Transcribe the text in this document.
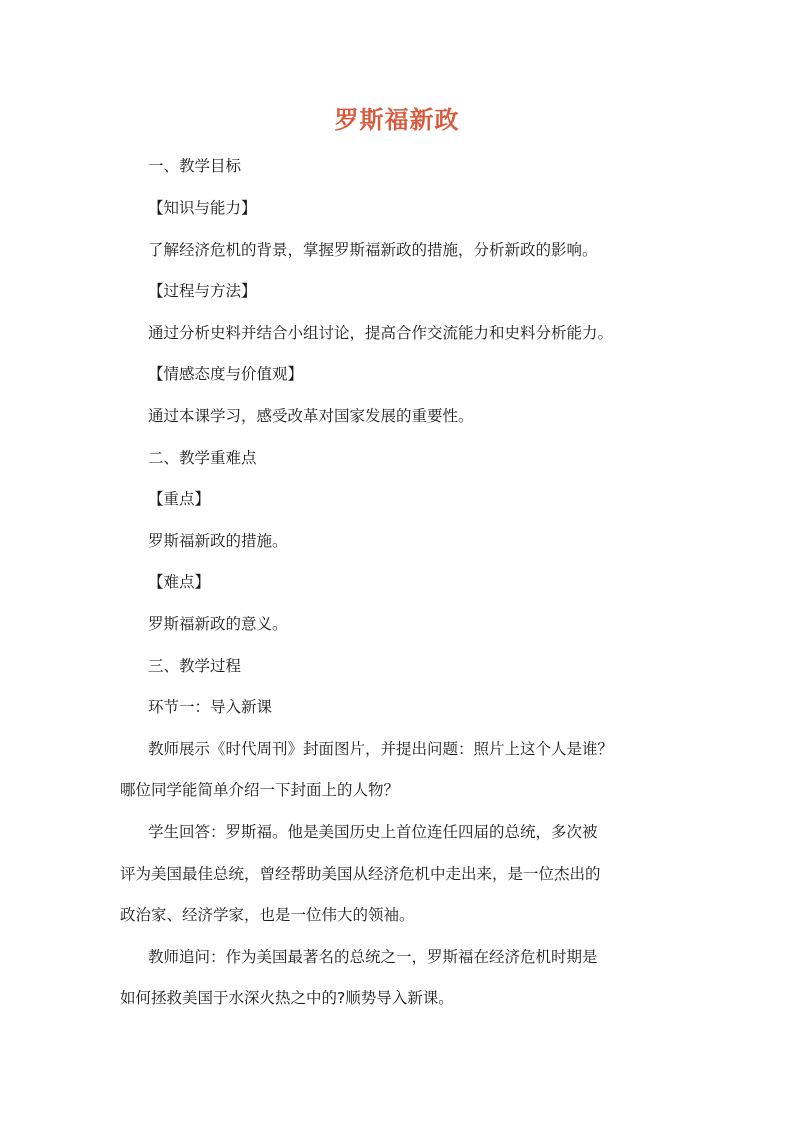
罗斯福新政
一、教学目标
【知识与能力】
了解经济危机的背景，掌握罗斯福新政的措施，分析新政的影响。
【过程与方法】
通过分析史料并结合小组讨论，提高合作交流能力和史料分析能力。
【情感态度与价值观】
通过本课学习，感受改革对国家发展的重要性。
二、教学重难点
【重点】
罗斯福新政的措施。
【难点】
罗斯福新政的意义。
三、教学过程
环节一：导入新课
教师展示《时代周刊》封面图片，并提出问题：照片上这个人是谁？
哪位同学能简单介绍一下封面上的人物？
学生回答：罗斯福。他是美国历史上首位连任四届的总统，多次被
评为美国最佳总统，曾经帮助美国从经济危机中走出来，是一位杰出的
政治家、经济学家，也是一位伟大的领袖。
教师追问：作为美国最著名的总统之一，罗斯福在经济危机时期是
如何拯救美国于水深火热之中的?顺势导入新课。
